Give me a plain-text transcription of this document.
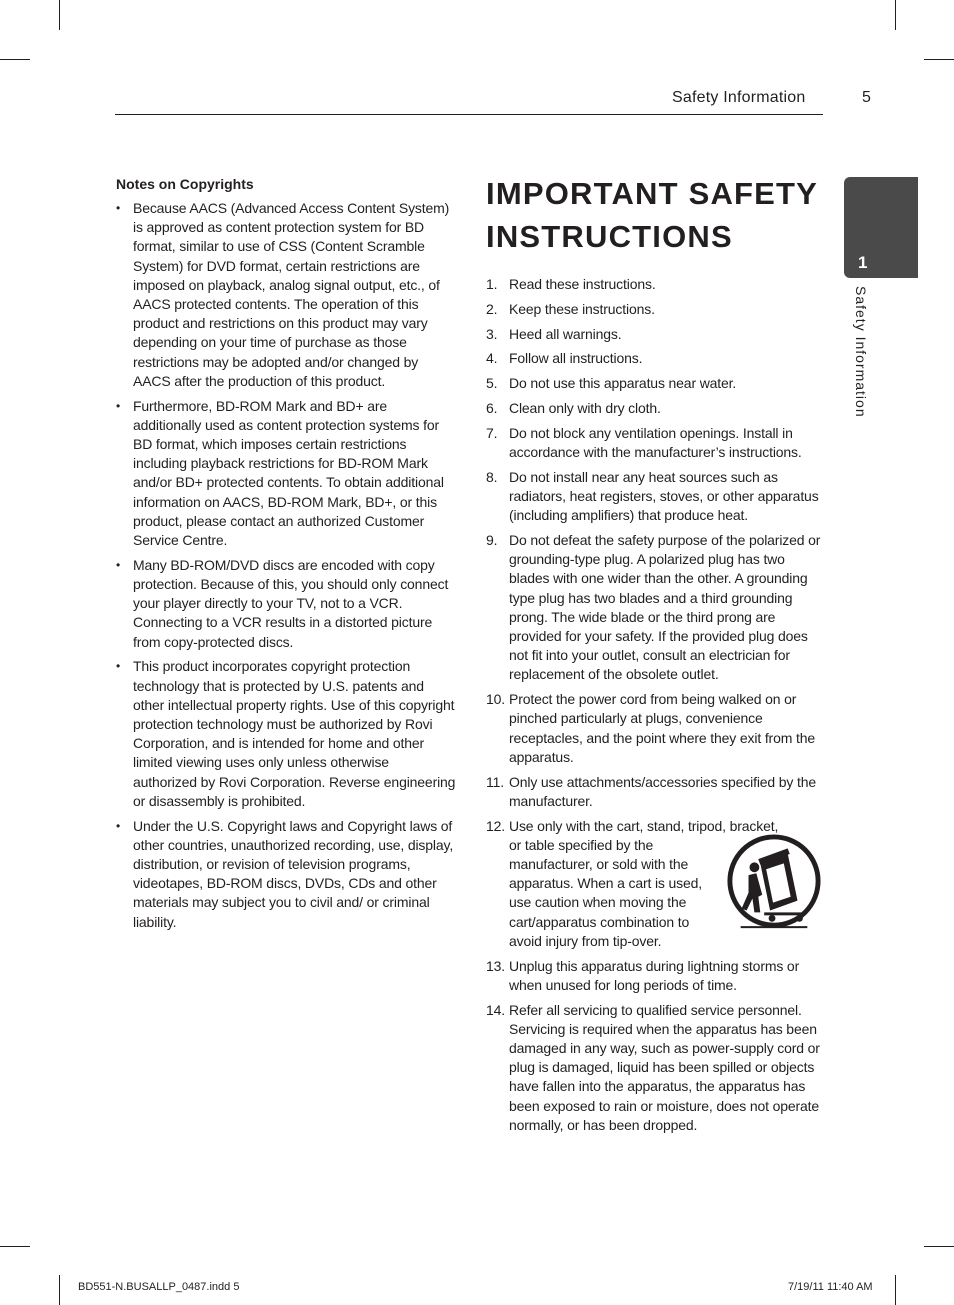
Safety Information	5
1
Safety Information
Notes on Copyrights
• Because AACS (Advanced Access Content System) is approved as content protection system for BD format, similar to use of CSS (Content Scramble System) for DVD format, certain restrictions are imposed on playback, analog signal output, etc., of AACS protected contents. The operation of this product and restrictions on this product may vary depending on your time of purchase as those restrictions may be adopted and/or changed by AACS after the production of this product.
• Furthermore, BD-ROM Mark and BD+ are additionally used as content protection systems for BD format, which imposes certain restrictions including playback restrictions for BD-ROM Mark and/or BD+ protected contents. To obtain additional information on AACS, BD-ROM Mark, BD+, or this product, please contact an authorized Customer Service Centre.
• Many BD-ROM/DVD discs are encoded with copy protection. Because of this, you should only connect your player directly to your TV, not to a VCR. Connecting to a VCR results in a distorted picture from copy-protected discs.
• This product incorporates copyright protection technology that is protected by U.S. patents and other intellectual property rights. Use of this copyright protection technology must be authorized by Rovi Corporation, and is intended for home and other limited viewing uses only unless otherwise authorized by Rovi Corporation. Reverse engineering or disassembly is prohibited.
• Under the U.S. Copyright laws and Copyright laws of other countries, unauthorized recording, use, display, distribution, or revision of television programs, videotapes, BD-ROM discs, DVDs, CDs and other materials may subject you to civil and/ or criminal liability.
IMPORTANT SAFETY INSTRUCTIONS
1. Read these instructions.
2. Keep these instructions.
3. Heed all warnings.
4. Follow all instructions.
5. Do not use this apparatus near water.
6. Clean only with dry cloth.
7. Do not block any ventilation openings. Install in accordance with the manufacturer’s instructions.
8. Do not install near any heat sources such as radiators, heat registers, stoves, or other apparatus (including amplifiers) that produce heat.
9. Do not defeat the safety purpose of the polarized or grounding-type plug. A polarized plug has two blades with one wider than the other. A grounding type plug has two blades and a third grounding prong. The wide blade or the third prong are provided for your safety. If the provided plug does not fit into your outlet, consult an electrician for replacement of the obsolete outlet.
10. Protect the power cord from being walked on or pinched particularly at plugs, convenience receptacles, and the point where they exit from the apparatus.
11. Only use attachments/accessories specified by the manufacturer.
12. Use only with the cart, stand, tripod, bracket,
or table specified by the manufacturer, or sold with the apparatus. When a cart is used, use caution when moving the cart/apparatus combination to avoid injury from tip-over.
13. Unplug this apparatus during lightning storms or when unused for long periods of time.
14. Refer all servicing to qualified service personnel. Servicing is required when the apparatus has been damaged in any way, such as power-supply cord or plug is damaged, liquid has been spilled or objects have fallen into the apparatus, the apparatus has been exposed to rain or moisture, does not operate normally, or has been dropped.
BD551-N.BUSALLP_0487.indd 5	7/19/11 11:40 AM
